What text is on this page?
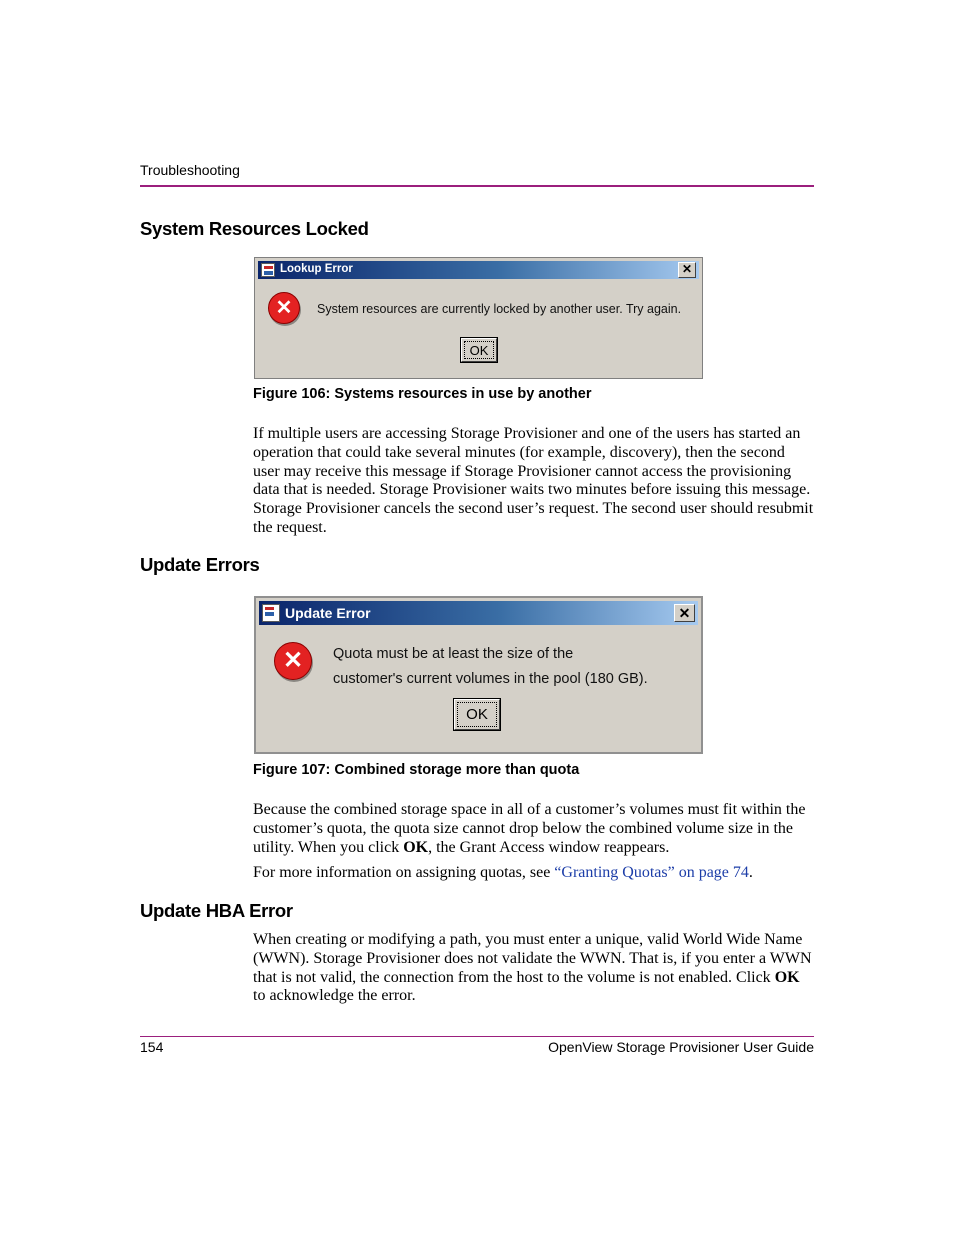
Troubleshooting
System Resources Locked
Lookup Error	✕
✕	System resources are currently locked by another user. Try again.
OK
Figure 106: Systems resources in use by another
If multiple users are accessing Storage Provisioner and one of the users has started an operation that could take several minutes (for example, discovery), then the second user may receive this message if Storage Provisioner cannot access the provisioning data that is needed. Storage Provisioner waits two minutes before issuing this message. Storage Provisioner cancels the second user’s request. The second user should resubmit the request.
Update Errors
Update Error	✕
✕	Quota must be at least the size of the
customer's current volumes in the pool (180 GB).
OK
Figure 107: Combined storage more than quota
Because the combined storage space in all of a customer’s volumes must fit within the customer’s quota, the quota size cannot drop below the combined volume size in the utility. When you click OK, the Grant Access window reappears.
For more information on assigning quotas, see “Granting Quotas” on page 74.
Update HBA Error
When creating or modifying a path, you must enter a unique, valid World Wide Name (WWN). Storage Provisioner does not validate the WWN. That is, if you enter a WWN that is not valid, the connection from the host to the volume is not enabled. Click OK to acknowledge the error.
154	OpenView Storage Provisioner User Guide
